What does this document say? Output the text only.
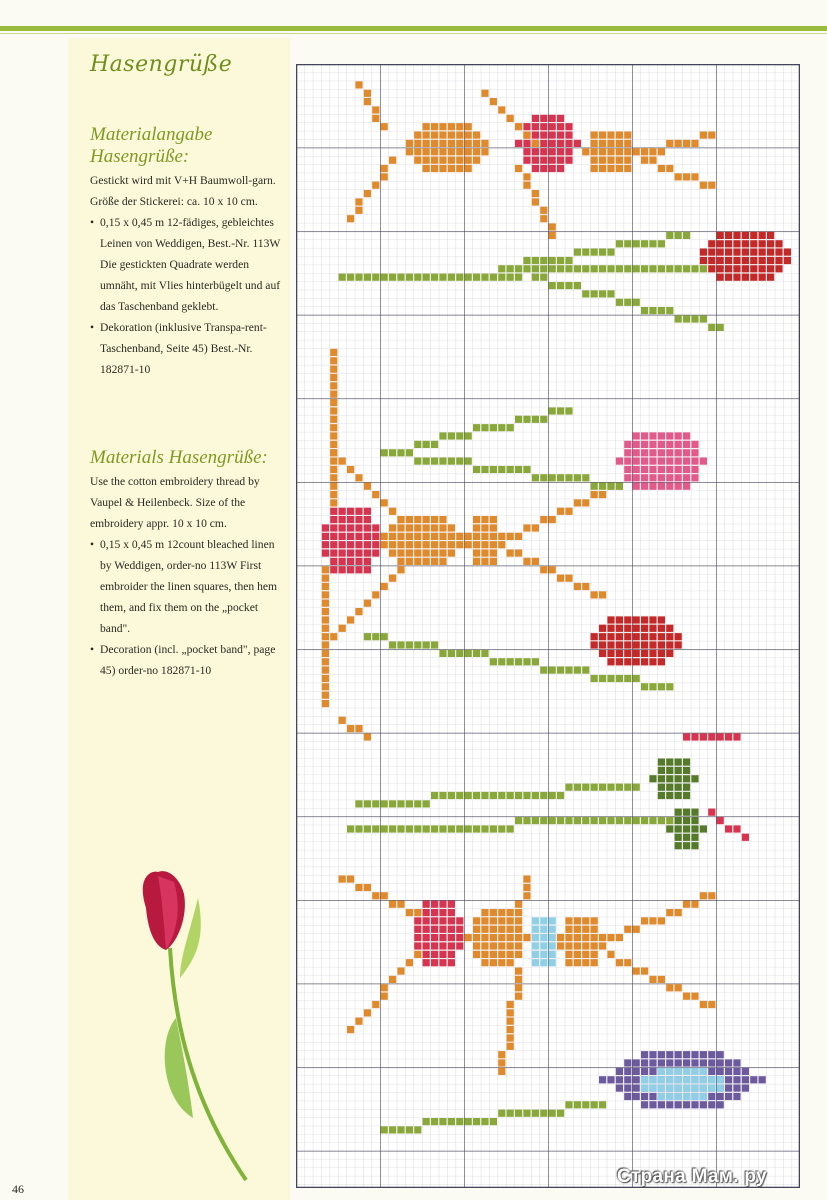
Hasengrüße
Materialangabe
Hasengrüße:
Gestickt wird mit V+H Baumwoll-garn. Größe der Stickerei: ca. 10 x 10 cm.
• 0,15 x 0,45 m 12-fädiges, gebleichtes Leinen von Weddigen, Best.-Nr. 113W Die gestickten Quadrate werden umnäht, mit Vlies hinterbügelt und auf das Taschenband geklebt.
• Dekoration (inklusive Transpa-rent-Taschenband, Seite 45) Best.-Nr. 182871-10
Materials Hasengrüße:
Use the cotton embroidery thread by Vaupel & Heilenbeck. Size of the embroidery appr. 10 x 10 cm.
• 0,15 x 0,45 m 12count bleached linen by Weddigen, order-no 113W First embroider the linen squares, then hem them, and fix them on the „pocket band".
• Decoration (incl. „pocket band", page 45) order-no 182871-10
46
Страна Мам. ру
